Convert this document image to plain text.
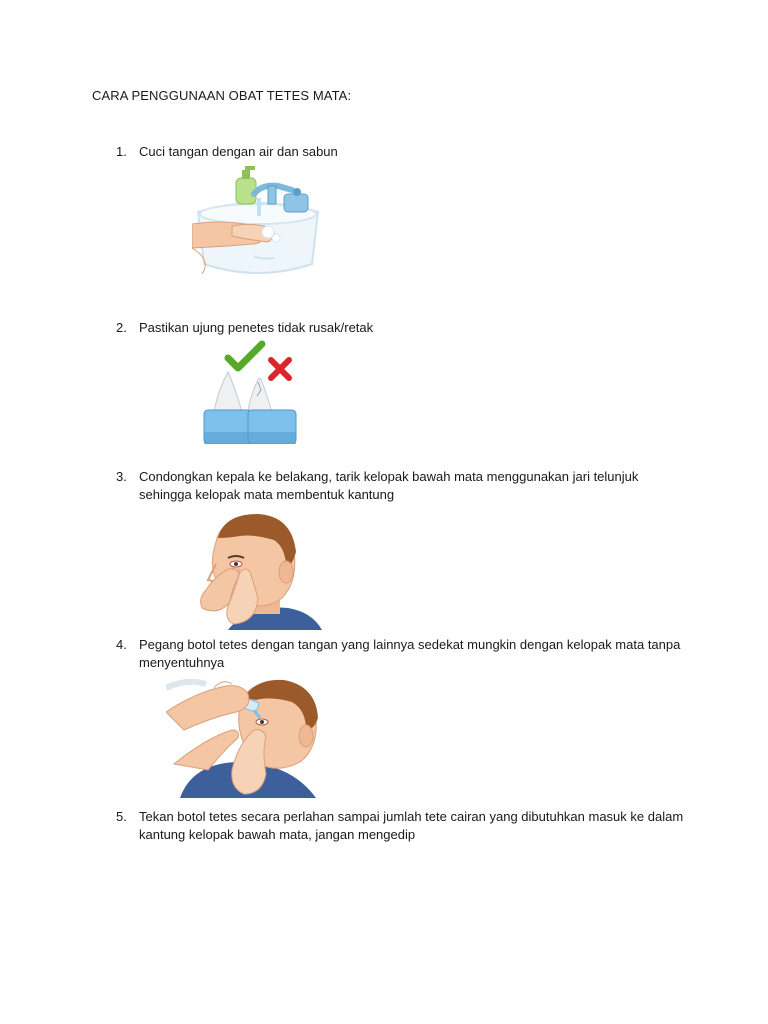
CARA PENGGUNAAN OBAT TETES MATA:
1. Cuci tangan dengan air dan sabun
2. Pastikan ujung penetes tidak rusak/retak
3. Condongkan kepala ke belakang, tarik kelopak bawah mata menggunakan jari telunjuk sehingga kelopak mata membentuk kantung
4. Pegang botol tetes dengan tangan yang lainnya sedekat mungkin dengan kelopak mata tanpa menyentuhnya
5. Tekan botol tetes secara perlahan sampai jumlah tete cairan yang dibutuhkan masuk ke dalam kantung kelopak bawah mata, jangan mengedip
